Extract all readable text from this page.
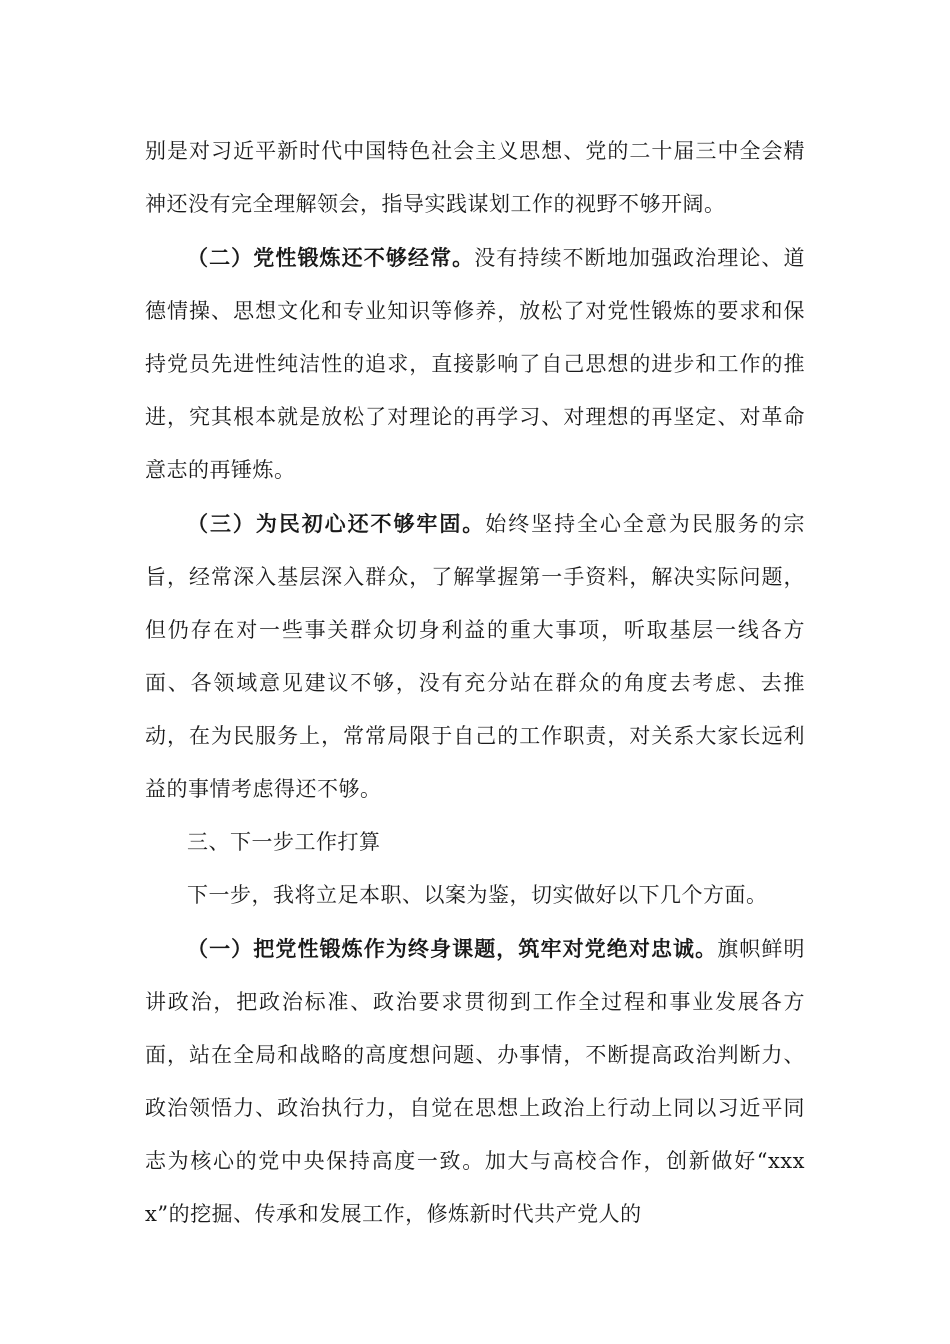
别是对习近平新时代中国特色社会主义思想、党的二十届三中全会精神还没有完全理解领会，指导实践谋划工作的视野不够开阔。

（二）党性锻炼还不够经常。没有持续不断地加强政治理论、道德情操、思想文化和专业知识等修养，放松了对党性锻炼的要求和保持党员先进性纯洁性的追求，直接影响了自己思想的进步和工作的推进，究其根本就是放松了对理论的再学习、对理想的再坚定、对革命意志的再锤炼。

（三）为民初心还不够牢固。始终坚持全心全意为民服务的宗旨，经常深入基层深入群众，了解掌握第一手资料，解决实际问题，但仍存在对一些事关群众切身利益的重大事项，听取基层一线各方面、各领域意见建议不够，没有充分站在群众的角度去考虑、去推动，在为民服务上，常常局限于自己的工作职责，对关系大家长远利益的事情考虑得还不够。

三、下一步工作打算

下一步，我将立足本职、以案为鉴，切实做好以下几个方面。

（一）把党性锻炼作为终身课题，筑牢对党绝对忠诚。旗帜鲜明讲政治，把政治标准、政治要求贯彻到工作全过程和事业发展各方面，站在全局和战略的高度想问题、办事情，不断提高政治判断力、政治领悟力、政治执行力，自觉在思想上政治上行动上同以习近平同志为核心的党中央保持高度一致。加大与高校合作，创新做好“xxxx”的挖掘、传承和发展工作，修炼新时代共产党人的
